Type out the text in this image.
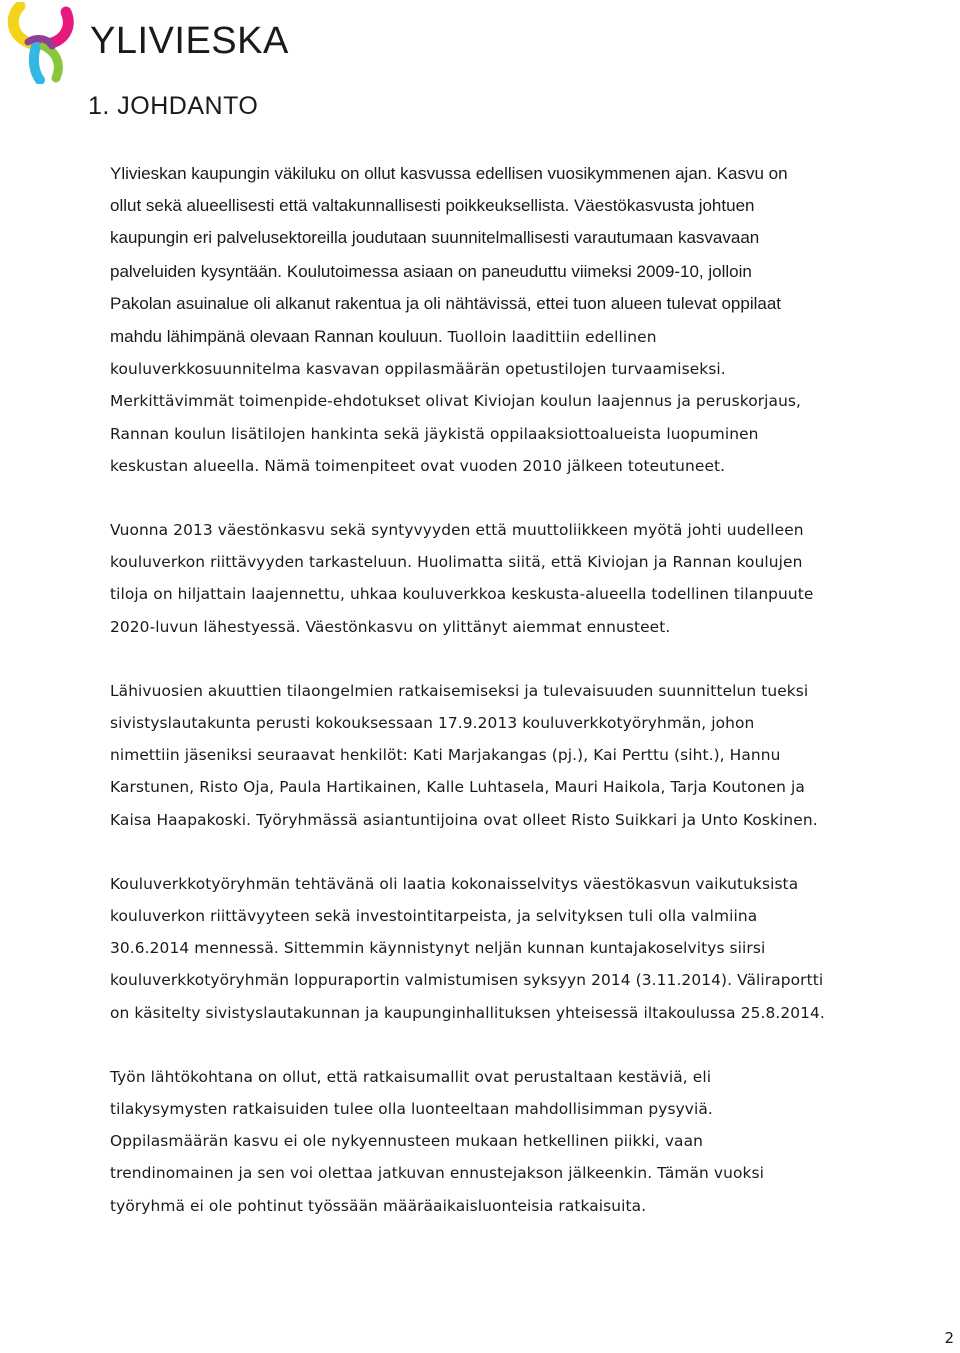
YLIVIESKA
1. JOHDANTO

Ylivieskan kaupungin väkiluku on ollut kasvussa edellisen vuosikymmenen ajan. Kasvu on
ollut sekä alueellisesti että valtakunnallisesti poikkeuksellista. Väestökasvusta johtuen
kaupungin eri palvelusektoreilla joudutaan suunnitelmallisesti varautumaan kasvavaan
palveluiden kysyntään. Koulutoimessa asiaan on paneuduttu viimeksi 2009-10, jolloin
Pakolan asuinalue oli alkanut rakentua ja oli nähtävissä, ettei tuon alueen tulevat oppilaat
mahdu lähimpänä olevaan Rannan kouluun. Tuolloin laadittiin edellinen
kouluverkkosuunnitelma kasvavan oppilasmäärän opetustilojen turvaamiseksi.
Merkittävimmät toimenpide-ehdotukset olivat Kiviojan koulun laajennus ja peruskorjaus,
Rannan koulun lisätilojen hankinta sekä jäykistä oppilaaksiottoalueista luopuminen
keskustan alueella. Nämä toimenpiteet ovat vuoden 2010 jälkeen toteutuneet.

Vuonna 2013 väestönkasvu sekä syntyvyyden että muuttoliikkeen myötä johti uudelleen
kouluverkon riittävyyden tarkasteluun. Huolimatta siitä, että Kiviojan ja Rannan koulujen
tiloja on hiljattain laajennettu, uhkaa kouluverkkoa keskusta-alueella todellinen tilanpuute
2020-luvun lähestyessä. Väestönkasvu on ylittänyt aiemmat ennusteet.

Lähivuosien akuuttien tilaongelmien ratkaisemiseksi ja tulevaisuuden suunnittelun tueksi
sivistyslautakunta perusti kokouksessaan 17.9.2013 kouluverkkotyöryhmän, johon
nimettiin jäseniksi seuraavat henkilöt: Kati Marjakangas (pj.), Kai Perttu (siht.), Hannu
Karstunen, Risto Oja, Paula Hartikainen, Kalle Luhtasela, Mauri Haikola, Tarja Koutonen ja
Kaisa Haapakoski. Työryhmässä asiantuntijoina ovat olleet Risto Suikkari ja Unto Koskinen.

Kouluverkkotyöryhmän tehtävänä oli laatia kokonaisselvitys väestökasvun vaikutuksista
kouluverkon riittävyyteen sekä investointitarpeista, ja selvityksen tuli olla valmiina
30.6.2014 mennessä. Sittemmin käynnistynyt neljän kunnan kuntajakoselvitys siirsi
kouluverkkotyöryhmän loppuraportin valmistumisen syksyyn 2014 (3.11.2014). Väliraportti
on käsitelty sivistyslautakunnan ja kaupunginhallituksen yhteisessä iltakoulussa 25.8.2014.

Työn lähtökohtana on ollut, että ratkaisumallit ovat perustaltaan kestäviä, eli
tilakysymysten ratkaisuiden tulee olla luonteeltaan mahdollisimman pysyviä.
Oppilasmäärän kasvu ei ole nykyennusteen mukaan hetkellinen piikki, vaan
trendinomainen ja sen voi olettaa jatkuvan ennustejakson jälkeenkin. Tämän vuoksi
työryhmä ei ole pohtinut työssään määräaikaisluonteisia ratkaisuita.

2
